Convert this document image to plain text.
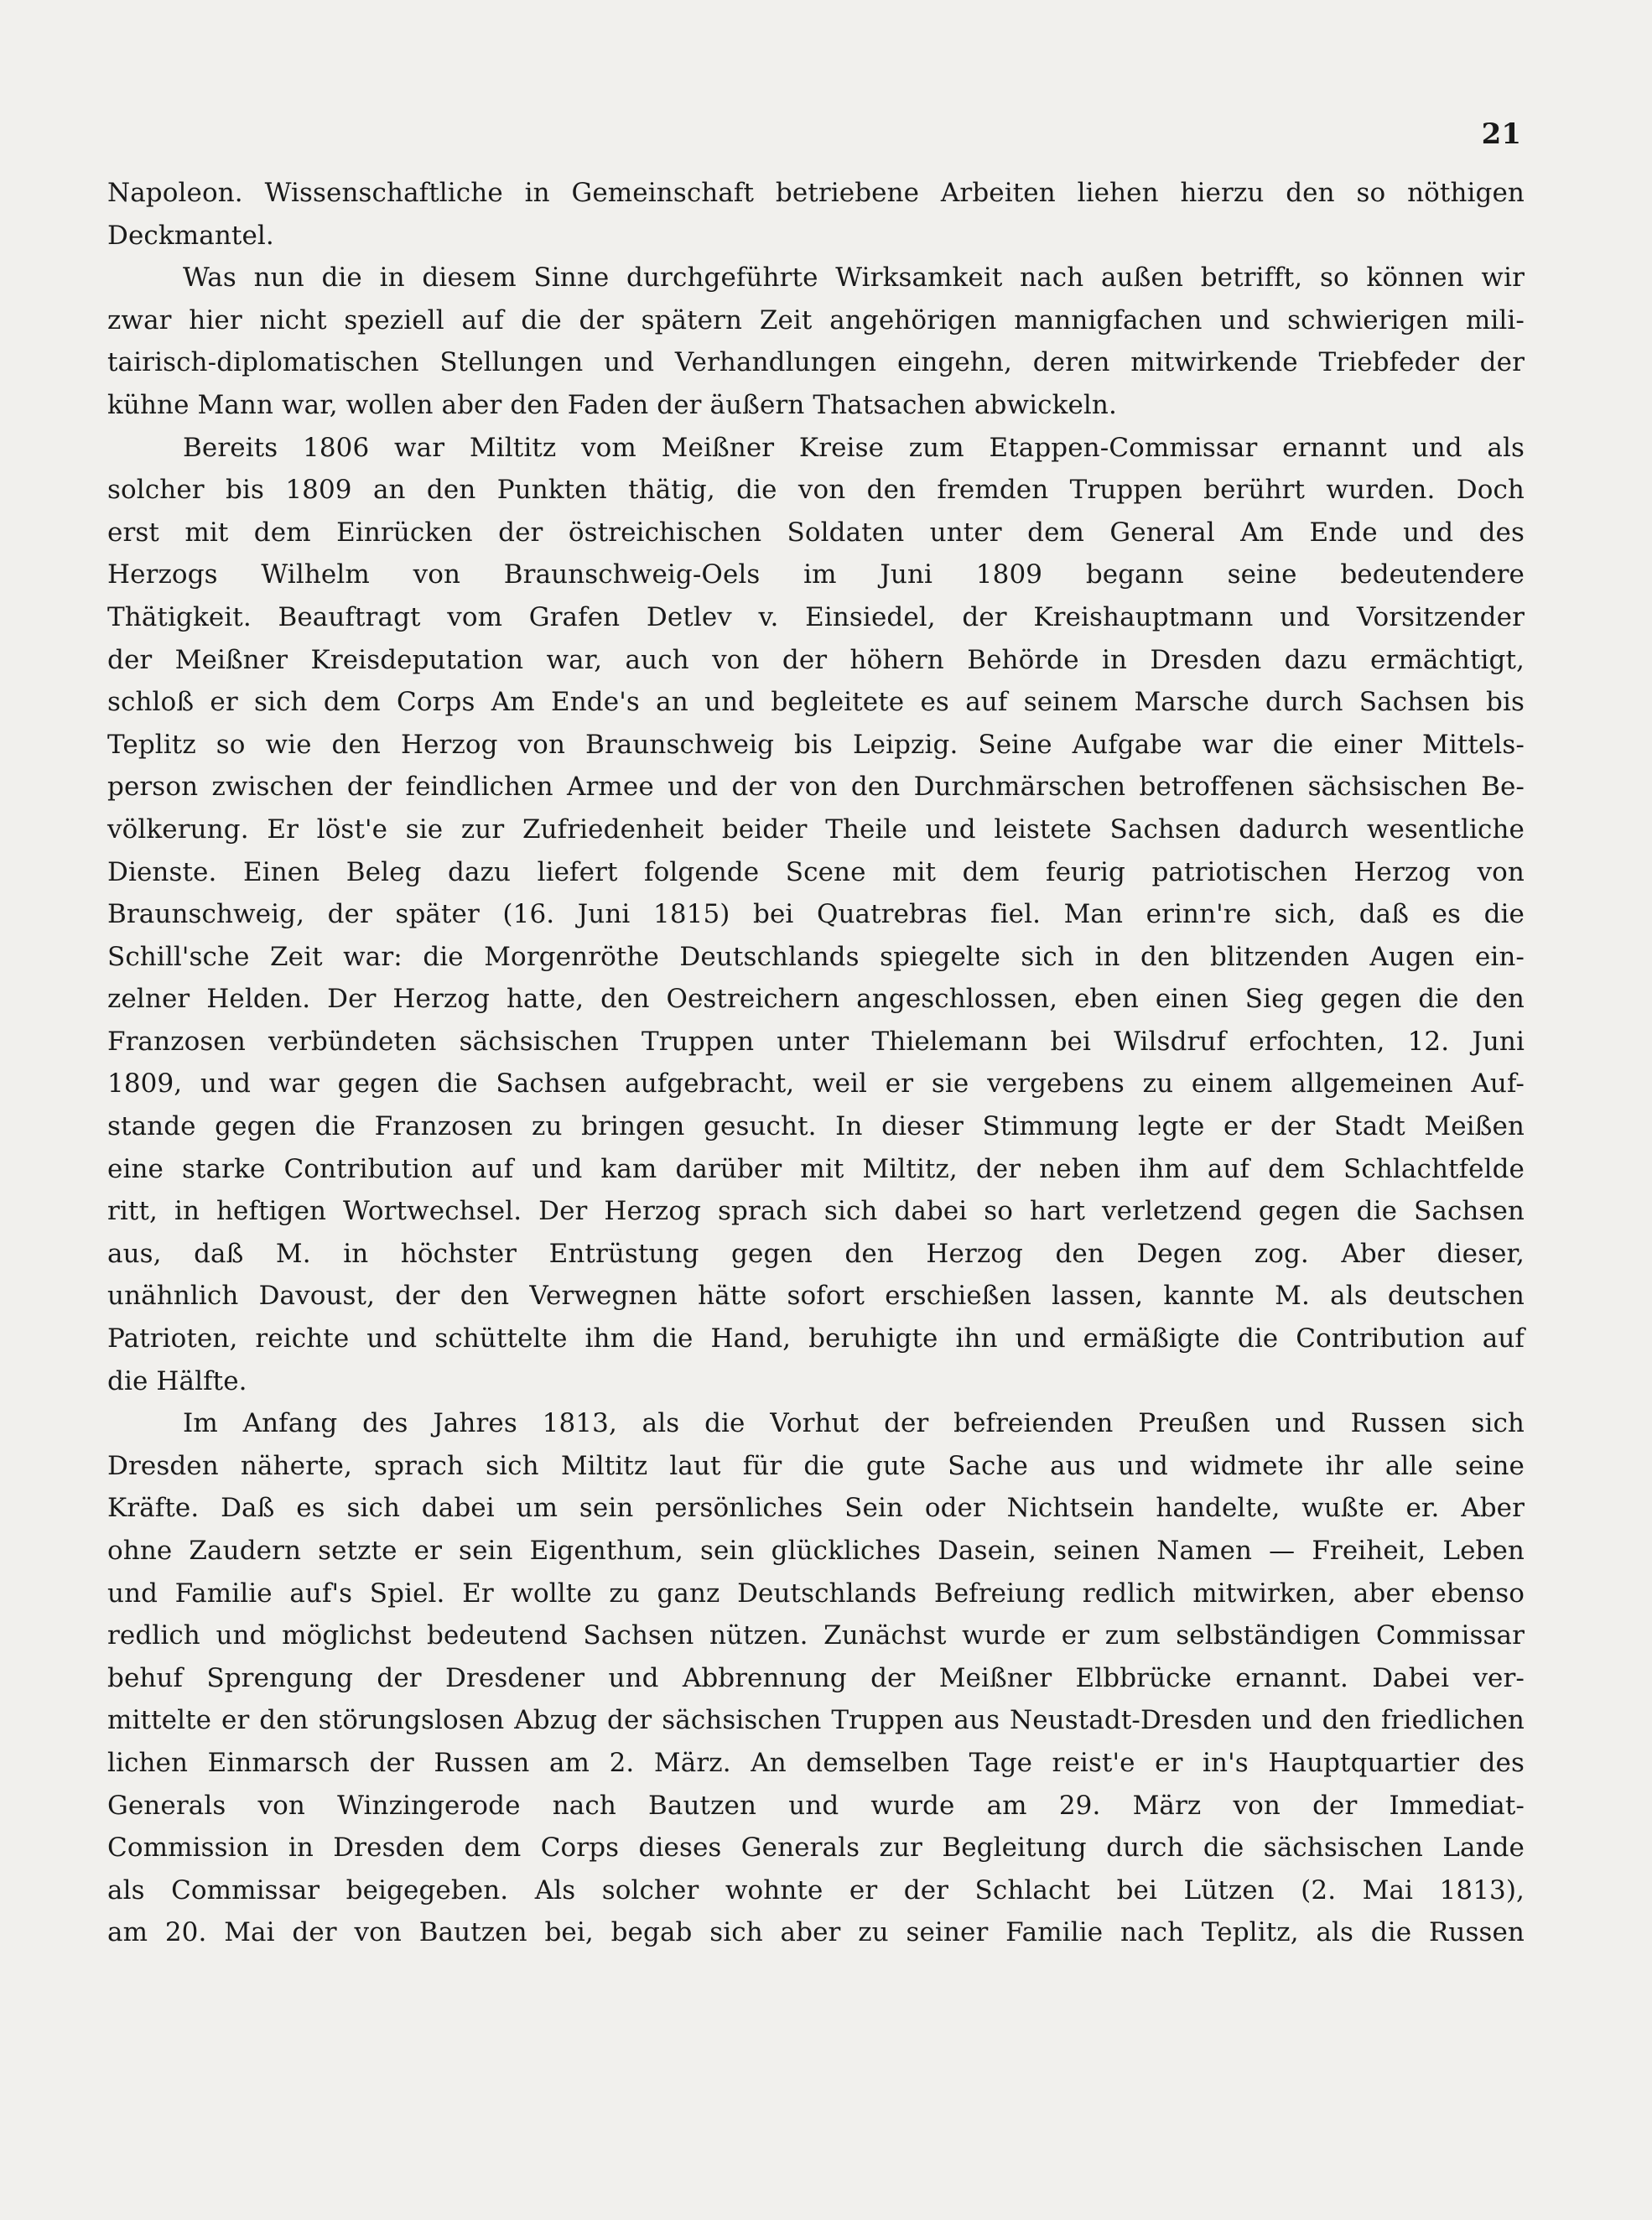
21
Napoleon. Wissenschaftliche in Gemeinschaft betriebene Arbeiten liehen hierzu den so nöthigen
Deckmantel.
Was nun die in diesem Sinne durchgeführte Wirksamkeit nach außen betrifft, so können wir
zwar hier nicht speziell auf die der spätern Zeit angehörigen mannigfachen und schwierigen mili-
tairisch-diplomatischen Stellungen und Verhandlungen eingehn, deren mitwirkende Triebfeder der
kühne Mann war, wollen aber den Faden der äußern Thatsachen abwickeln.
Bereits 1806 war Miltitz vom Meißner Kreise zum Etappen-Commissar ernannt und als
solcher bis 1809 an den Punkten thätig, die von den fremden Truppen berührt wurden. Doch
erst mit dem Einrücken der östreichischen Soldaten unter dem General Am Ende und des
Herzogs Wilhelm von Braunschweig-Oels im Juni 1809 begann seine bedeutendere
Thätigkeit. Beauftragt vom Grafen Detlev v. Einsiedel, der Kreishauptmann und Vorsitzender
der Meißner Kreisdeputation war, auch von der höhern Behörde in Dresden dazu ermächtigt,
schloß er sich dem Corps Am Ende's an und begleitete es auf seinem Marsche durch Sachsen bis
Teplitz so wie den Herzog von Braunschweig bis Leipzig. Seine Aufgabe war die einer Mittels-
person zwischen der feindlichen Armee und der von den Durchmärschen betroffenen sächsischen Be-
völkerung. Er löst'e sie zur Zufriedenheit beider Theile und leistete Sachsen dadurch wesentliche
Dienste. Einen Beleg dazu liefert folgende Scene mit dem feurig patriotischen Herzog von
Braunschweig, der später (16. Juni 1815) bei Quatrebras fiel. Man erinn're sich, daß es die
Schill'sche Zeit war: die Morgenröthe Deutschlands spiegelte sich in den blitzenden Augen ein-
zelner Helden. Der Herzog hatte, den Oestreichern angeschlossen, eben einen Sieg gegen die den
Franzosen verbündeten sächsischen Truppen unter Thielemann bei Wilsdruf erfochten, 12. Juni
1809, und war gegen die Sachsen aufgebracht, weil er sie vergebens zu einem allgemeinen Auf-
stande gegen die Franzosen zu bringen gesucht. In dieser Stimmung legte er der Stadt Meißen
eine starke Contribution auf und kam darüber mit Miltitz, der neben ihm auf dem Schlachtfelde
ritt, in heftigen Wortwechsel. Der Herzog sprach sich dabei so hart verletzend gegen die Sachsen
aus, daß M. in höchster Entrüstung gegen den Herzog den Degen zog. Aber dieser,
unähnlich Davoust, der den Verwegnen hätte sofort erschießen lassen, kannte M. als deutschen
Patrioten, reichte und schüttelte ihm die Hand, beruhigte ihn und ermäßigte die Contribution auf
die Hälfte.
Im Anfang des Jahres 1813, als die Vorhut der befreienden Preußen und Russen sich
Dresden näherte, sprach sich Miltitz laut für die gute Sache aus und widmete ihr alle seine
Kräfte. Daß es sich dabei um sein persönliches Sein oder Nichtsein handelte, wußte er. Aber
ohne Zaudern setzte er sein Eigenthum, sein glückliches Dasein, seinen Namen — Freiheit, Leben
und Familie auf's Spiel. Er wollte zu ganz Deutschlands Befreiung redlich mitwirken, aber ebenso
redlich und möglichst bedeutend Sachsen nützen. Zunächst wurde er zum selbständigen Commissar
behuf Sprengung der Dresdener und Abbrennung der Meißner Elbbrücke ernannt. Dabei ver-
mittelte er den störungslosen Abzug der sächsischen Truppen aus Neustadt-Dresden und den friedlichen
lichen Einmarsch der Russen am 2. März. An demselben Tage reist'e er in's Hauptquartier des
Generals von Winzingerode nach Bautzen und wurde am 29. März von der Immediat-
Commission in Dresden dem Corps dieses Generals zur Begleitung durch die sächsischen Lande
als Commissar beigegeben. Als solcher wohnte er der Schlacht bei Lützen (2. Mai 1813),
am 20. Mai der von Bautzen bei, begab sich aber zu seiner Familie nach Teplitz, als die Russen
